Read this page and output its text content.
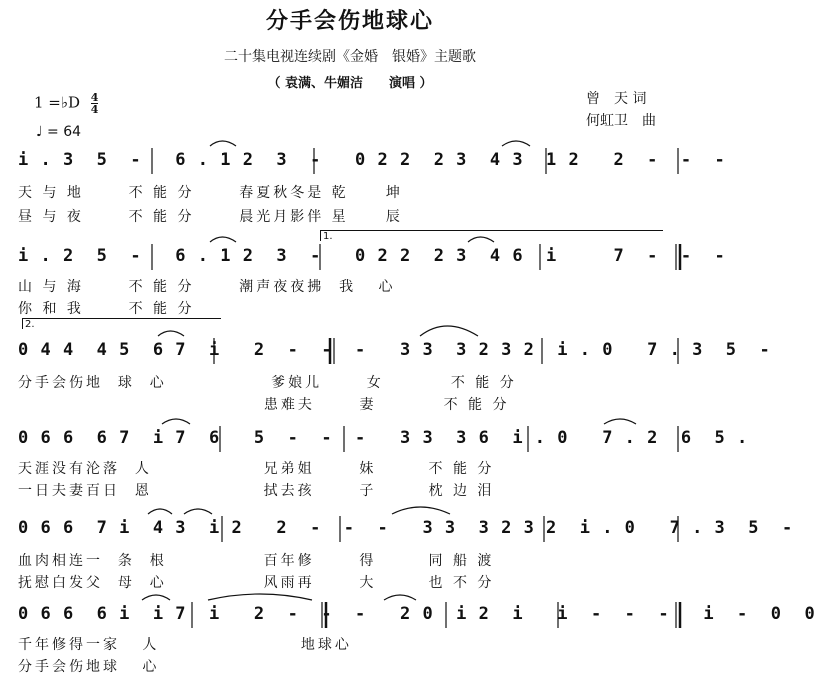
分手会伤地球心
二十集电视连续剧《金婚　银婚》主题歌
（ 袁满、牛媚洁　　演唱 ）
1 =♭D $\frac{4}{4}$
♩ = 64
曾　天 词
何虹卫　曲
i . 3  5  -   6 . 1 2  3  -   0 2 2  2 3  4 3  1 2   2  -  -  -
天 与 地      不 能 分      春夏秋冬是 乾     坤
昼 与 夜      不 能 分      晨光月影伴 星     辰
1.
i . 2  5  -   6 . 1 2  3  -   0 2 2  2 3  4 6  i     7  -  -  -
山 与 海      不 能 分      潮声夜夜拂  我   心
你 和 我      不 能 分
2.
0 4 4  4 5  6 7  i   2  -  -  -   3 3  3 2 3 2  i . 0   7 . 3  5  -
分手会伤地  球  心              爹娘儿      女         不 能 分
患难夫      妻         不 能 分
0 6 6  6 7  i 7  6   5  -  -  -   3 3  3 6  i . 0   7 . 2  6  5 .
天涯没有沦落  人               兄弟姐      妹       不 能 分
一日夫妻百日  恩               拭去孩      子       枕 边 泪
0 6 6  7 i  4 3  i 2   2  -  -  -   3 3  3 2 3 2  i . 0   7 . 3  5  -
血肉相连一  条  根             百年修      得       同 船 渡
抚慰白发父  母  心             风雨再      大       也 不 分
0 6 6  6 i  i 7  i   2  -  -  -   2 0  i 2  i   i  -  -  -   i  -  0  0
千年修得一家   人                   地球心
分手会伤地球   心
